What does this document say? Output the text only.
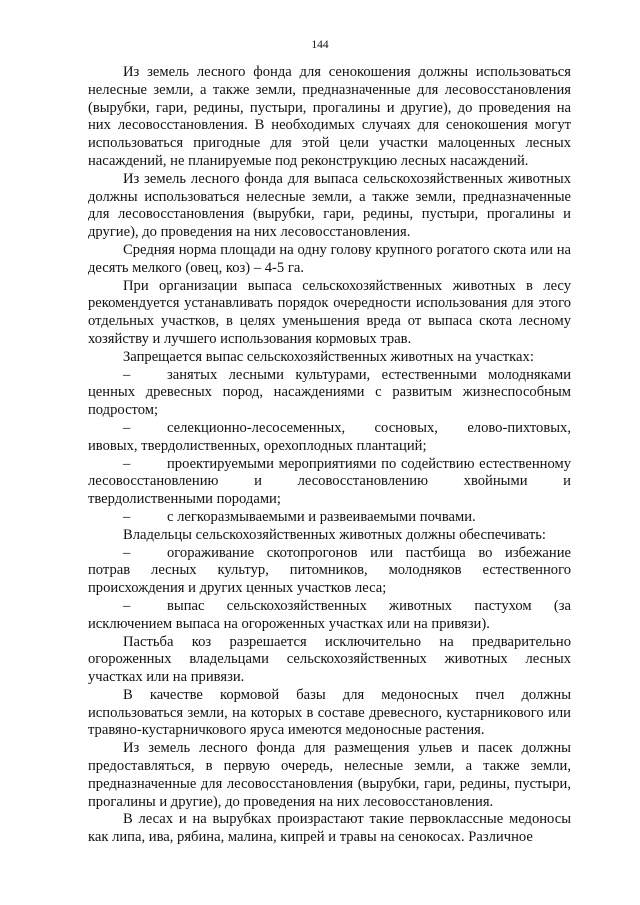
144

Из земель лесного фонда для сенокошения должны использоваться нелесные земли, а также земли, предназначенные для лесовосстановления (вырубки, гари, редины, пустыри, прогалины и другие), до проведения на них лесовосстановления. В необходимых случаях для сенокошения могут использоваться пригодные для этой цели участки малоценных лесных насаждений, не планируемые под реконструкцию лесных насаждений.

Из земель лесного фонда для выпаса сельскохозяйственных животных должны использоваться нелесные земли, а также земли, предназначенные для лесовосстановления (вырубки, гари, редины, пустыри, прогалины и другие), до проведения на них лесовосстановления.

Средняя норма площади на одну голову крупного рогатого скота или на десять мелкого (овец, коз) – 4-5 га.

При организации выпаса сельскохозяйственных животных в лесу рекомендуется устанавливать порядок очередности использования для этого отдельных участков, в целях уменьшения вреда от выпаса скота лесному хозяйству и лучшего использования кормовых трав.

Запрещается выпас сельскохозяйственных животных на участках:

–	занятых лесными культурами, естественными молодняками ценных древесных пород, насаждениями с развитым жизнеспособным подростом;

–	селекционно-лесосеменных, сосновых, елово-пихтовых, ивовых, твердолиственных, орехоплодных плантаций;

–	проектируемыми мероприятиями по содействию естественному лесовосстановлению и лесовосстановлению хвойными и твердолиственными породами;

–	с легкоразмываемыми и развеиваемыми почвами.

Владельцы сельскохозяйственных животных должны обеспечивать:

–	огораживание скотопрогонов или пастбища во избежание потрав лесных культур, питомников, молодняков естественного происхождения и других ценных участков леса;

–	выпас сельскохозяйственных животных пастухом (за исключением выпаса на огороженных участках или на привязи).

Пастьба коз разрешается исключительно на предварительно огороженных владельцами сельскохозяйственных животных лесных участках или на привязи.

В качестве кормовой базы для медоносных пчел должны использоваться земли, на которых в составе древесного, кустарникового или травяно-кустарничкового яруса имеются медоносные растения.

Из земель лесного фонда для размещения ульев и пасек должны предоставляться, в первую очередь, нелесные земли, а также земли, предназначенные для лесовосстановления (вырубки, гари, редины, пустыри, прогалины и другие), до проведения на них лесовосстановления.

В лесах и на вырубках произрастают такие первоклассные медоносы как липа, ива, рябина, малина, кипрей и травы на сенокосах. Различное
